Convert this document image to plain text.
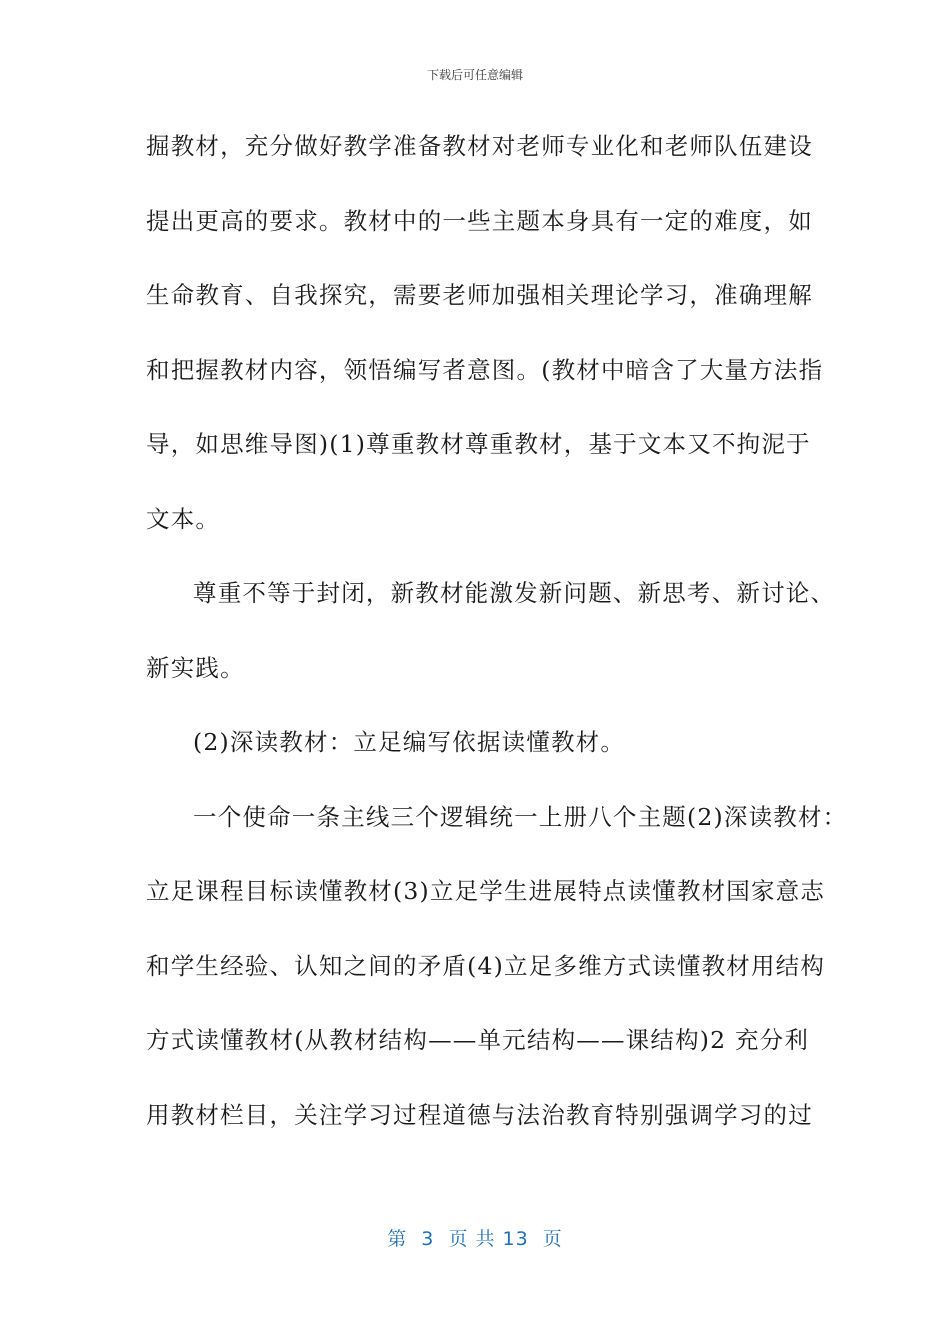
下载后可任意编辑
掘教材，充分做好教学准备教材对老师专业化和老师队伍建设
提出更高的要求。教材中的一些主题本身具有一定的难度，如
生命教育、自我探究，需要老师加强相关理论学习，准确理解
和把握教材内容，领悟编写者意图。(教材中暗含了大量方法指
导，如思维导图)(1)尊重教材尊重教材，基于文本又不拘泥于
文本。
尊重不等于封闭，新教材能激发新问题、新思考、新讨论、
新实践。
(2)深读教材：立足编写依据读懂教材。
一个使命一条主线三个逻辑统一上册八个主题(2)深读教材：
立足课程目标读懂教材(3)立足学生进展特点读懂教材国家意志
和学生经验、认知之间的矛盾(4)立足多维方式读懂教材用结构
方式读懂教材(从教材结构——单元结构——课结构)2 充分利
用教材栏目，关注学习过程道德与法治教育特别强调学习的过
第  3  页 共 13  页
